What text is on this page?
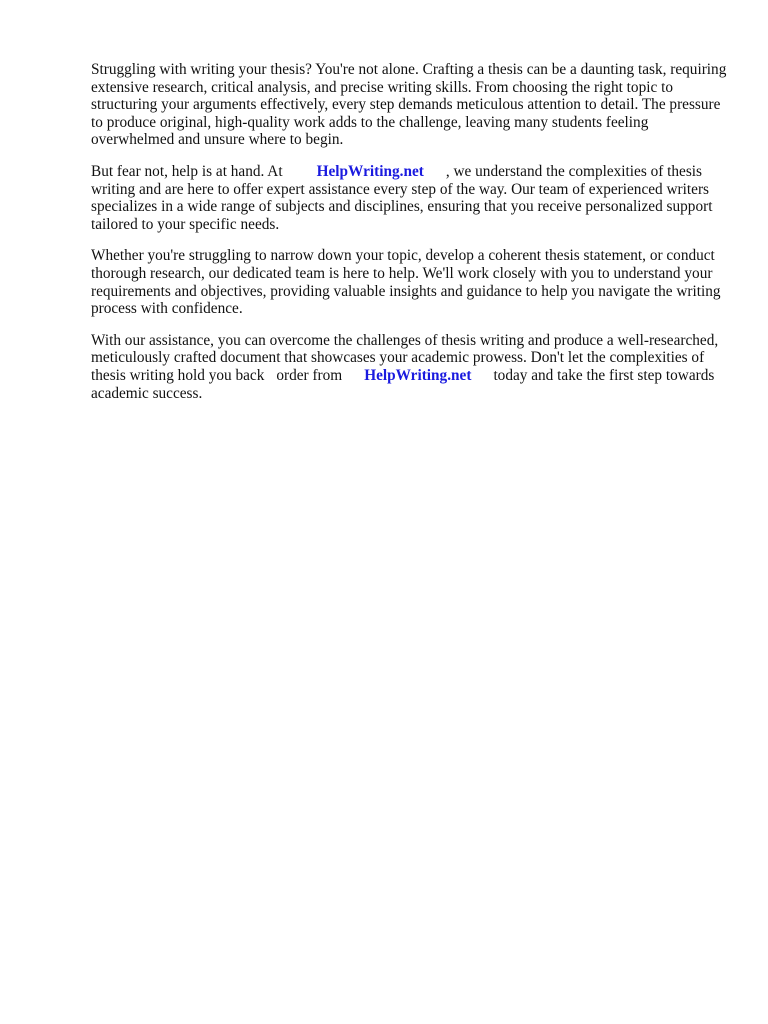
Struggling with writing your thesis? You're not alone. Crafting a thesis can be a daunting task, requiring extensive research, critical analysis, and precise writing skills. From choosing the right topic to structuring your arguments effectively, every step demands meticulous attention to detail. The pressure to produce original, high-quality work adds to the challenge, leaving many students feeling overwhelmed and unsure where to begin.

But fear not, help is at hand. At HelpWriting.net , we understand the complexities of thesis writing and are here to offer expert assistance every step of the way. Our team of experienced writers specializes in a wide range of subjects and disciplines, ensuring that you receive personalized support tailored to your specific needs.

Whether you're struggling to narrow down your topic, develop a coherent thesis statement, or conduct thorough research, our dedicated team is here to help. We'll work closely with you to understand your requirements and objectives, providing valuable insights and guidance to help you navigate the writing process with confidence.

With our assistance, you can overcome the challenges of thesis writing and produce a well-researched, meticulously crafted document that showcases your academic prowess. Don't let the complexities of thesis writing hold you back order from HelpWriting.net today and take the first step towards academic success.
